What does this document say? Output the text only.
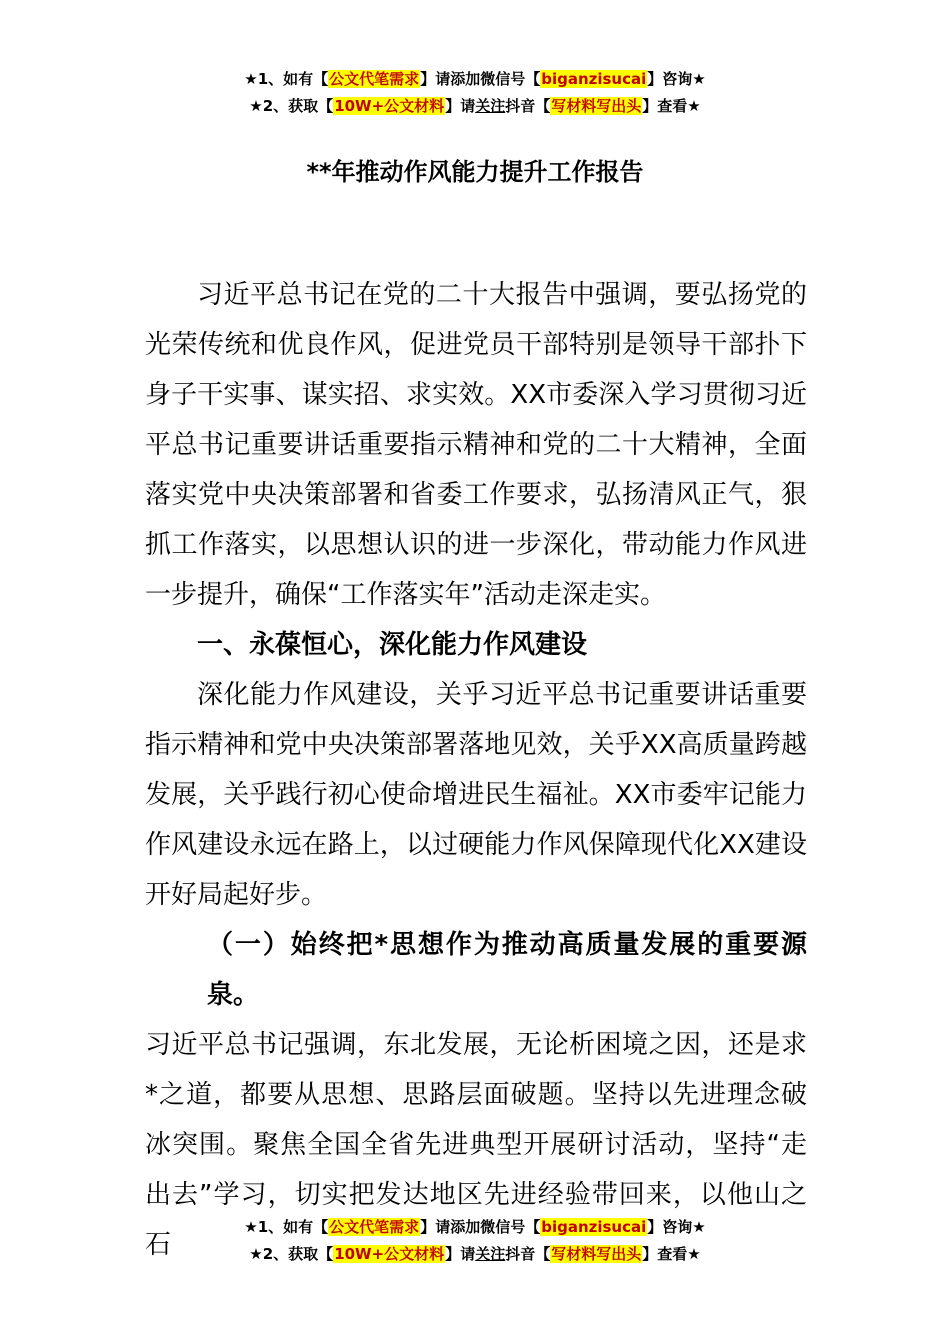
★1、如有【公文代笔需求】请添加微信号【biganzisucai】咨询★
★2、获取【10W+公文材料】请关注抖音【写材料写出头】查看★
**年推动作风能力提升工作报告

习近平总书记在党的二十大报告中强调，要弘扬党的光荣传统和优良作风，促进党员干部特别是领导干部扑下身子干实事、谋实招、求实效。XX市委深入学习贯彻习近平总书记重要讲话重要指示精神和党的二十大精神，全面落实党中央决策部署和省委工作要求，弘扬清风正气，狠抓工作落实，以思想认识的进一步深化，带动能力作风进一步提升，确保“工作落实年”活动走深走实。

一、永葆恒心，深化能力作风建设

深化能力作风建设，关乎习近平总书记重要讲话重要指示精神和党中央决策部署落地见效，关乎XX高质量跨越发展，关乎践行初心使命增进民生福祉。XX市委牢记能力作风建设永远在路上，以过硬能力作风保障现代化XX建设开好局起好步。

（一）始终把*思想作为推动高质量发展的重要源泉。

习近平总书记强调，东北发展，无论析困境之因，还是求*之道，都要从思想、思路层面破题。坚持以先进理念破冰突围。聚焦全国全省先进典型开展研讨活动，坚持“走出去”学习，切实把发达地区先进经验带回来，以他山之石

★1、如有【公文代笔需求】请添加微信号【biganzisucai】咨询★
★2、获取【10W+公文材料】请关注抖音【写材料写出头】查看★
